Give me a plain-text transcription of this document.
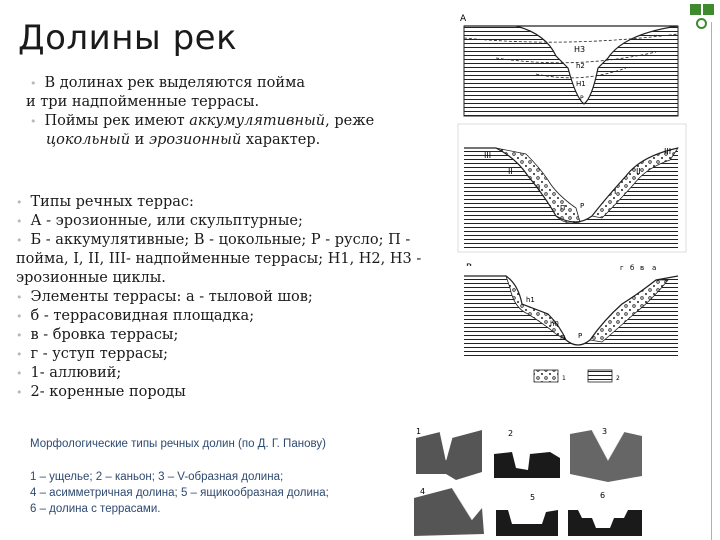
Долины рек
• В долинах рек выделяются пойма
и три надпойменные террасы.
• Поймы рек имеют аккумулятивный, реже
цокольный и эрозионный характер.
• Типы речных террас:
• А - эрозионные, или скульптурные;
• Б - аккумулятивные; В - цокольные; Р - русло; П -
пойма, I, II, III- надпойменные террасы; Н1, Н2, Н3 -
эрозионные циклы.
• Элементы террасы: а - тыловой шов;
• б - террасовидная площадка;
• в - бровка террасы;
• г - уступ террасы;
• 1- аллювий;
• 2- коренные породы
Морфологические типы речных долин (по Д. Г. Панову)
1 – ущелье; 2 – каньон; 3 – V-образная долина;
4 – асимметричная долина; 5 – ящикообразная долина;
6 – долина с террасами.
А
H3
h2
H1
P
III
II
I
П Р
I
II
III
h1
h0
П Р
г б в а
1	2
1	2	3
4
5	6
